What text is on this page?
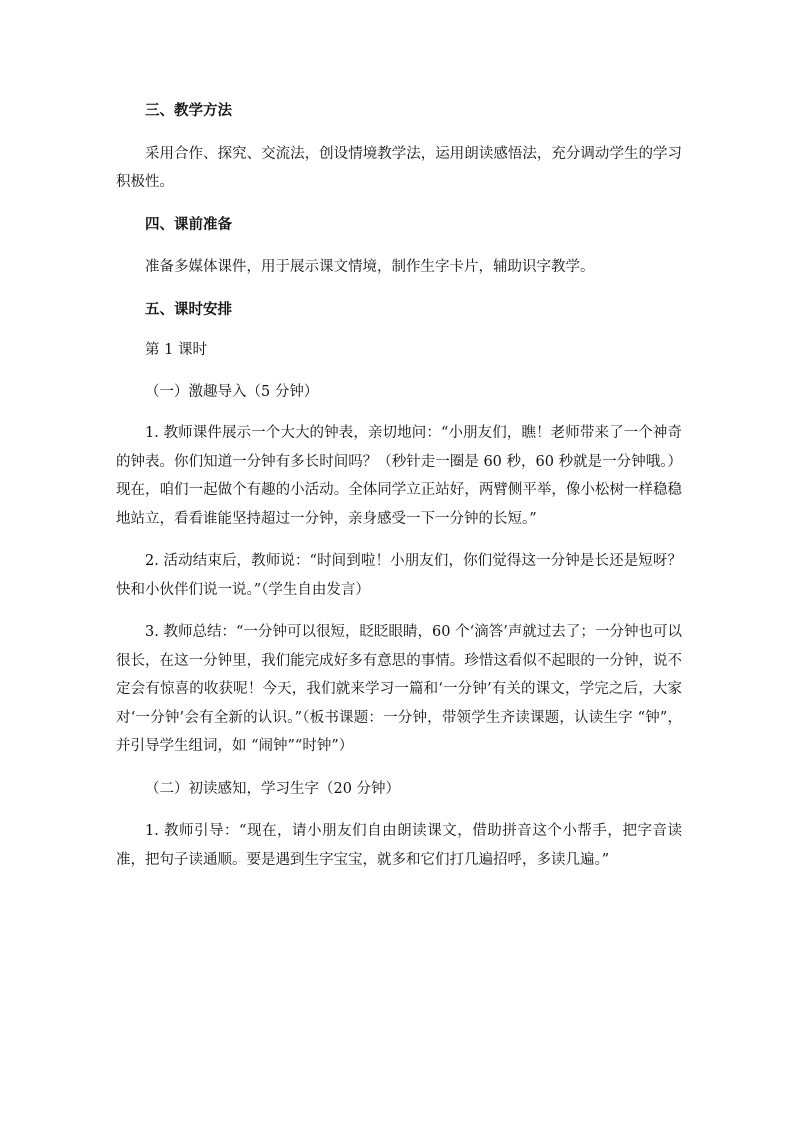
三、教学方法

采用合作、探究、交流法，创设情境教学法，运用朗读感悟法，充分调动学生的学习积极性。

四、课前准备

准备多媒体课件，用于展示课文情境，制作生字卡片，辅助识字教学。

五、课时安排

第 1 课时

（一）激趣导入（5 分钟）

1. 教师课件展示一个大大的钟表，亲切地问：“小朋友们，瞧！老师带来了一个神奇的钟表。你们知道一分钟有多长时间吗？（秒针走一圈是 60 秒，60 秒就是一分钟哦。）现在，咱们一起做个有趣的小活动。全体同学立正站好，两臂侧平举，像小松树一样稳稳地站立，看看谁能坚持超过一分钟，亲身感受一下一分钟的长短。”

2. 活动结束后，教师说：“时间到啦！小朋友们，你们觉得这一分钟是长还是短呀？快和小伙伴们说一说。”（学生自由发言）

3. 教师总结：“一分钟可以很短，眨眨眼睛，60 个‘滴答’声就过去了；一分钟也可以很长，在这一分钟里，我们能完成好多有意思的事情。珍惜这看似不起眼的一分钟，说不定会有惊喜的收获呢！今天，我们就来学习一篇和‘一分钟’有关的课文，学完之后，大家对‘一分钟’会有全新的认识。”（板书课题：一分钟，带领学生齐读课题，认读生字 “钟”，并引导学生组词，如 “闹钟”“时钟”）

（二）初读感知，学习生字（20 分钟）

1. 教师引导：“现在，请小朋友们自由朗读课文，借助拼音这个小帮手，把字音读准，把句子读通顺。要是遇到生字宝宝，就多和它们打几遍招呼，多读几遍。”
